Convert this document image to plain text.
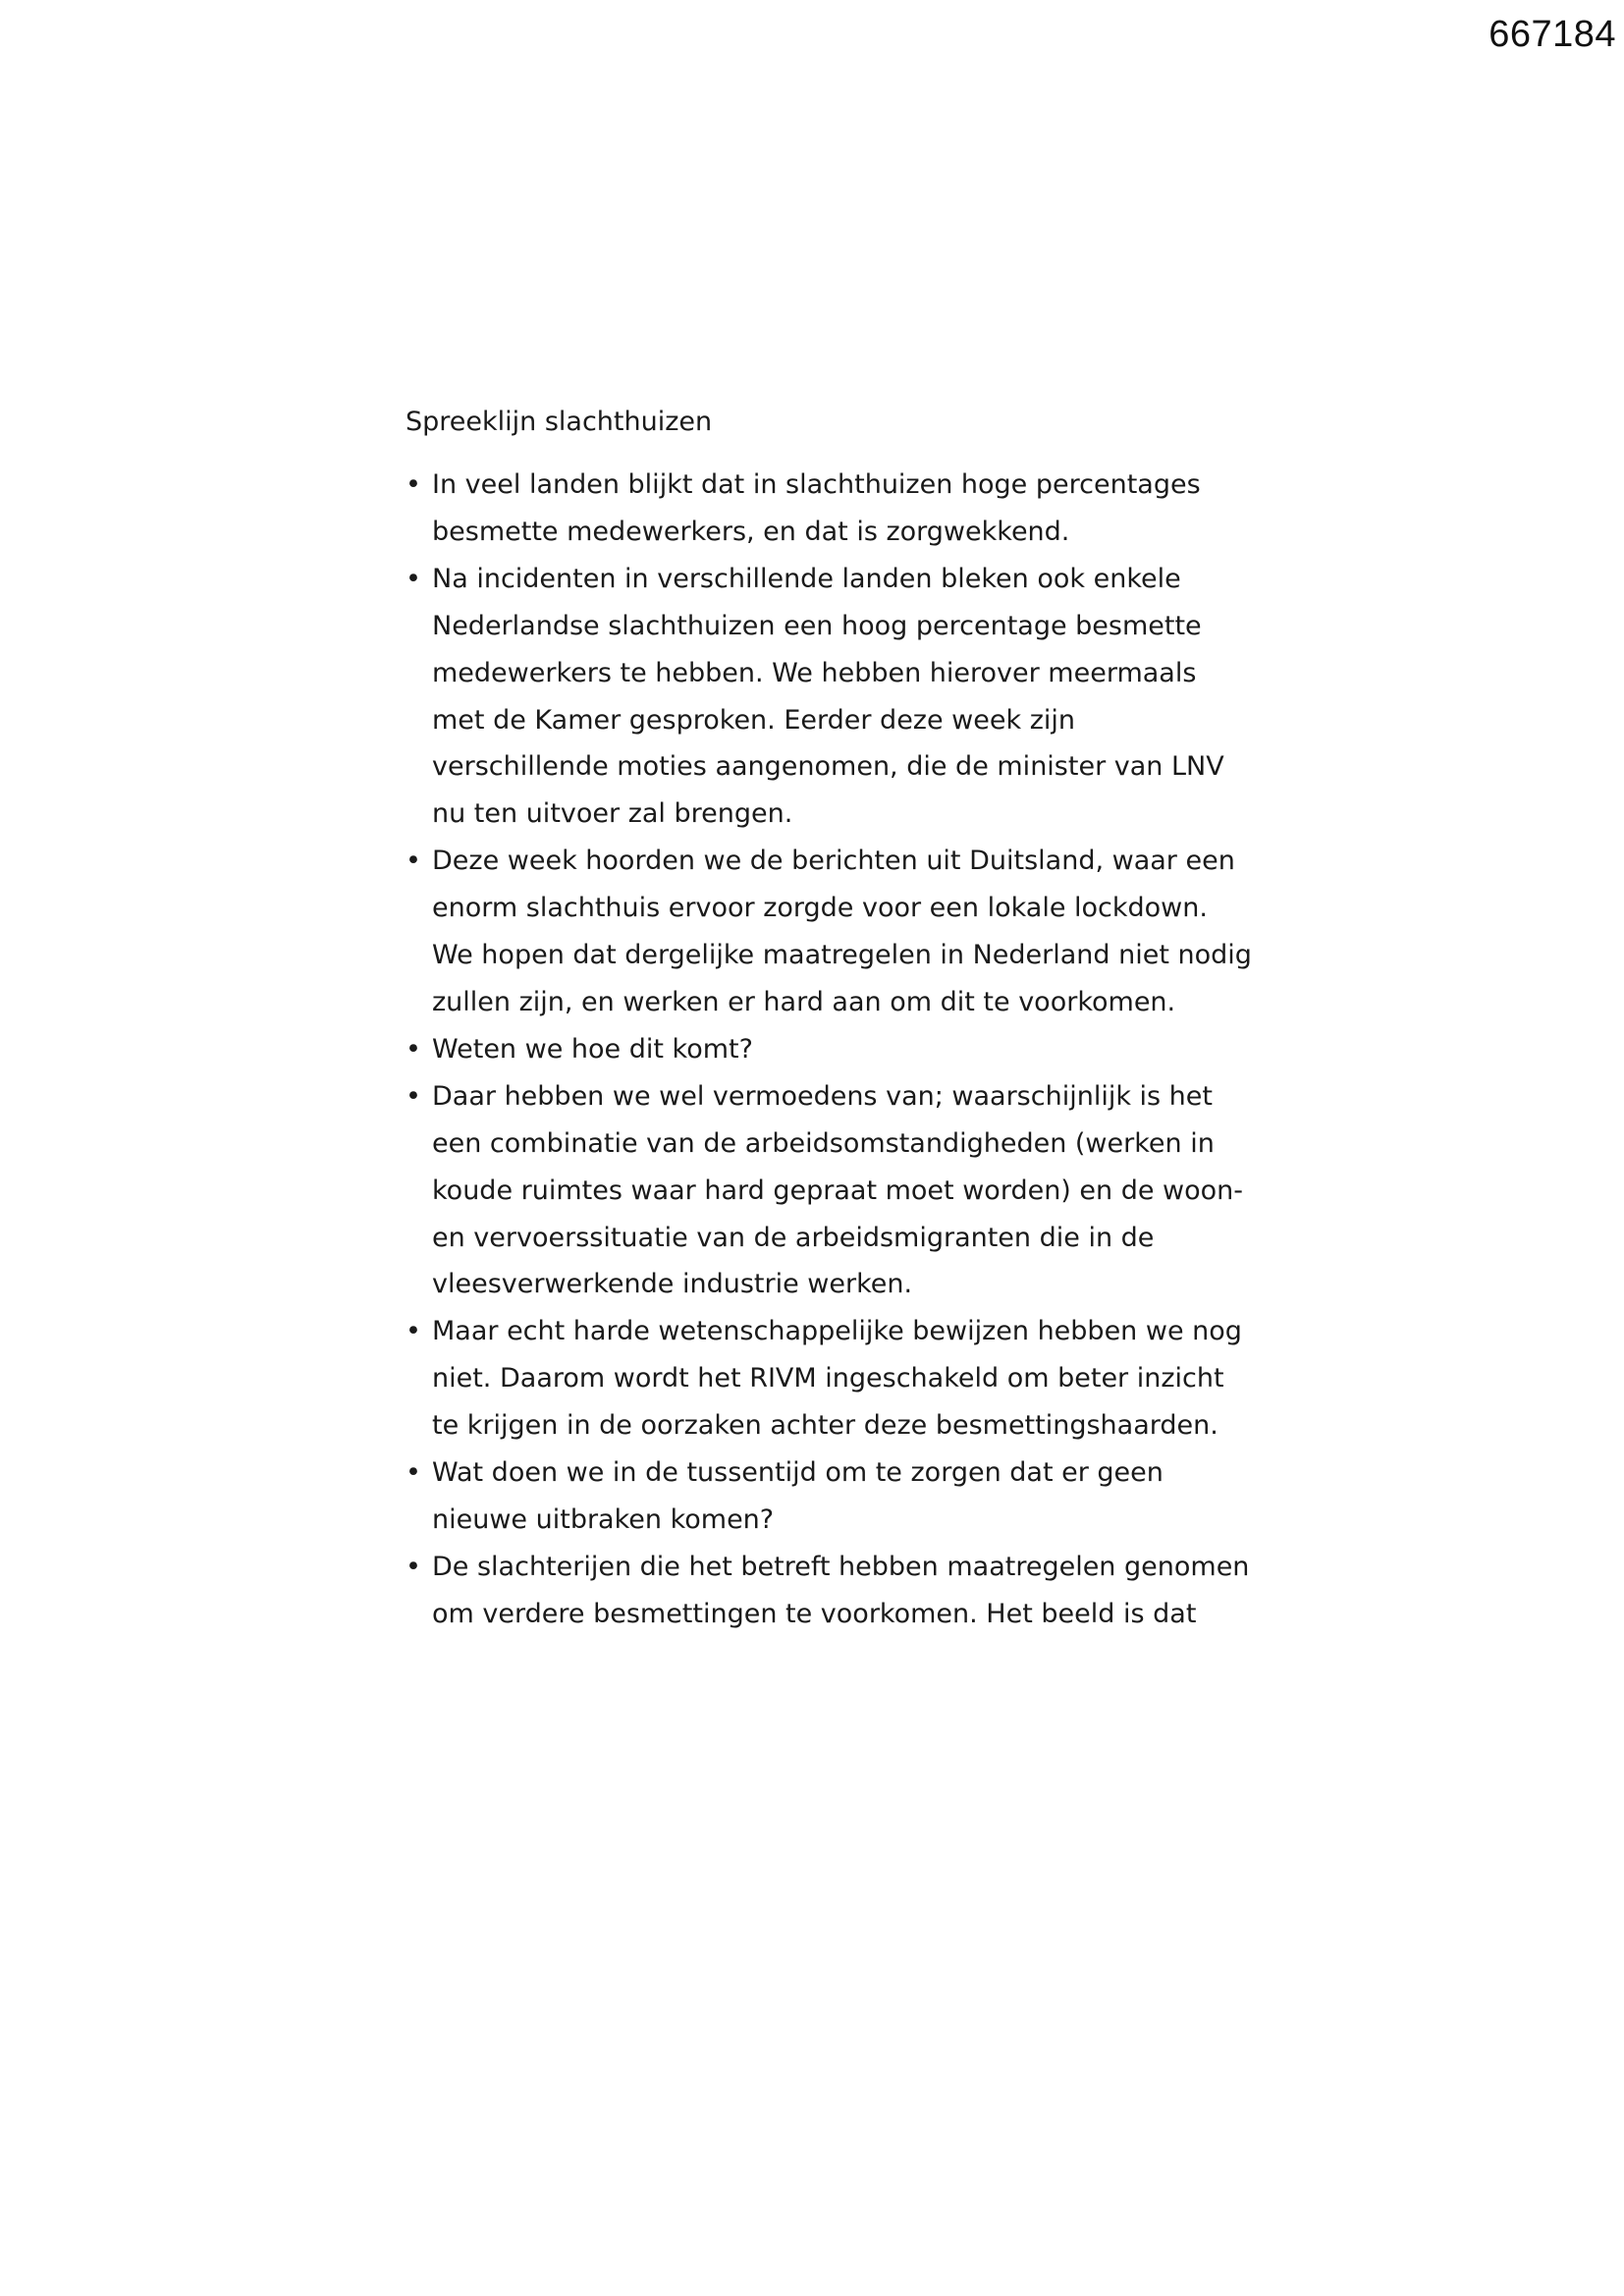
667184
Spreeklijn slachthuizen
• In veel landen blijkt dat in slachthuizen hoge percentages
besmette medewerkers, en dat is zorgwekkend.
• Na incidenten in verschillende landen bleken ook enkele
Nederlandse slachthuizen een hoog percentage besmette
medewerkers te hebben. We hebben hierover meermaals
met de Kamer gesproken. Eerder deze week zijn
verschillende moties aangenomen, die de minister van LNV
nu ten uitvoer zal brengen.
• Deze week hoorden we de berichten uit Duitsland, waar een
enorm slachthuis ervoor zorgde voor een lokale lockdown.
We hopen dat dergelijke maatregelen in Nederland niet nodig
zullen zijn, en werken er hard aan om dit te voorkomen.
• Weten we hoe dit komt?
• Daar hebben we wel vermoedens van; waarschijnlijk is het
een combinatie van de arbeidsomstandigheden (werken in
koude ruimtes waar hard gepraat moet worden) en de woon-
en vervoerssituatie van de arbeidsmigranten die in de
vleesverwerkende industrie werken.
• Maar echt harde wetenschappelijke bewijzen hebben we nog
niet. Daarom wordt het RIVM ingeschakeld om beter inzicht
te krijgen in de oorzaken achter deze besmettingshaarden.
• Wat doen we in de tussentijd om te zorgen dat er geen
nieuwe uitbraken komen?
• De slachterijen die het betreft hebben maatregelen genomen
om verdere besmettingen te voorkomen. Het beeld is dat
